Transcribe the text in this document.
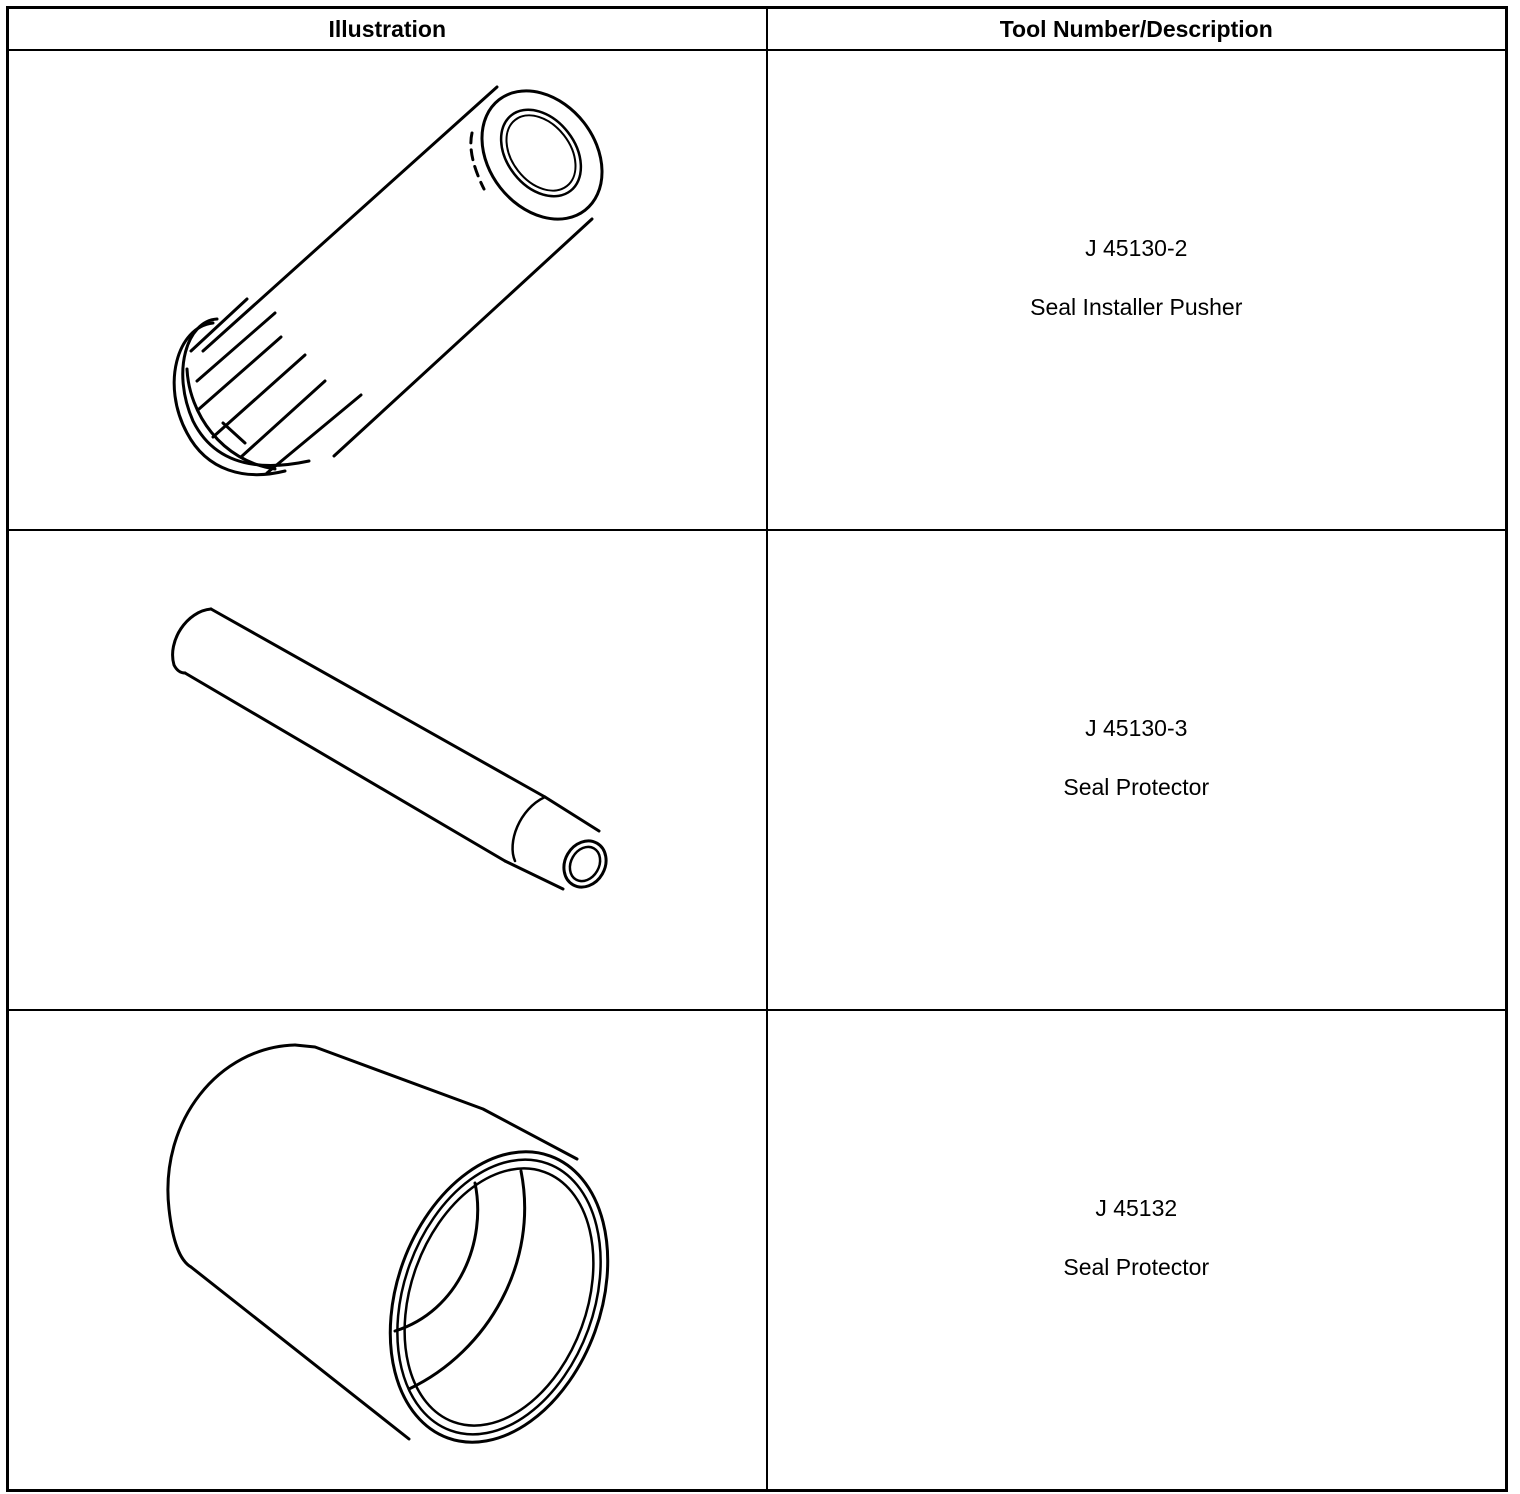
Illustration	Tool Number/Description

J 45130-2
Seal Installer Pusher

J 45130-3
Seal Protector

J 45132
Seal Protector
